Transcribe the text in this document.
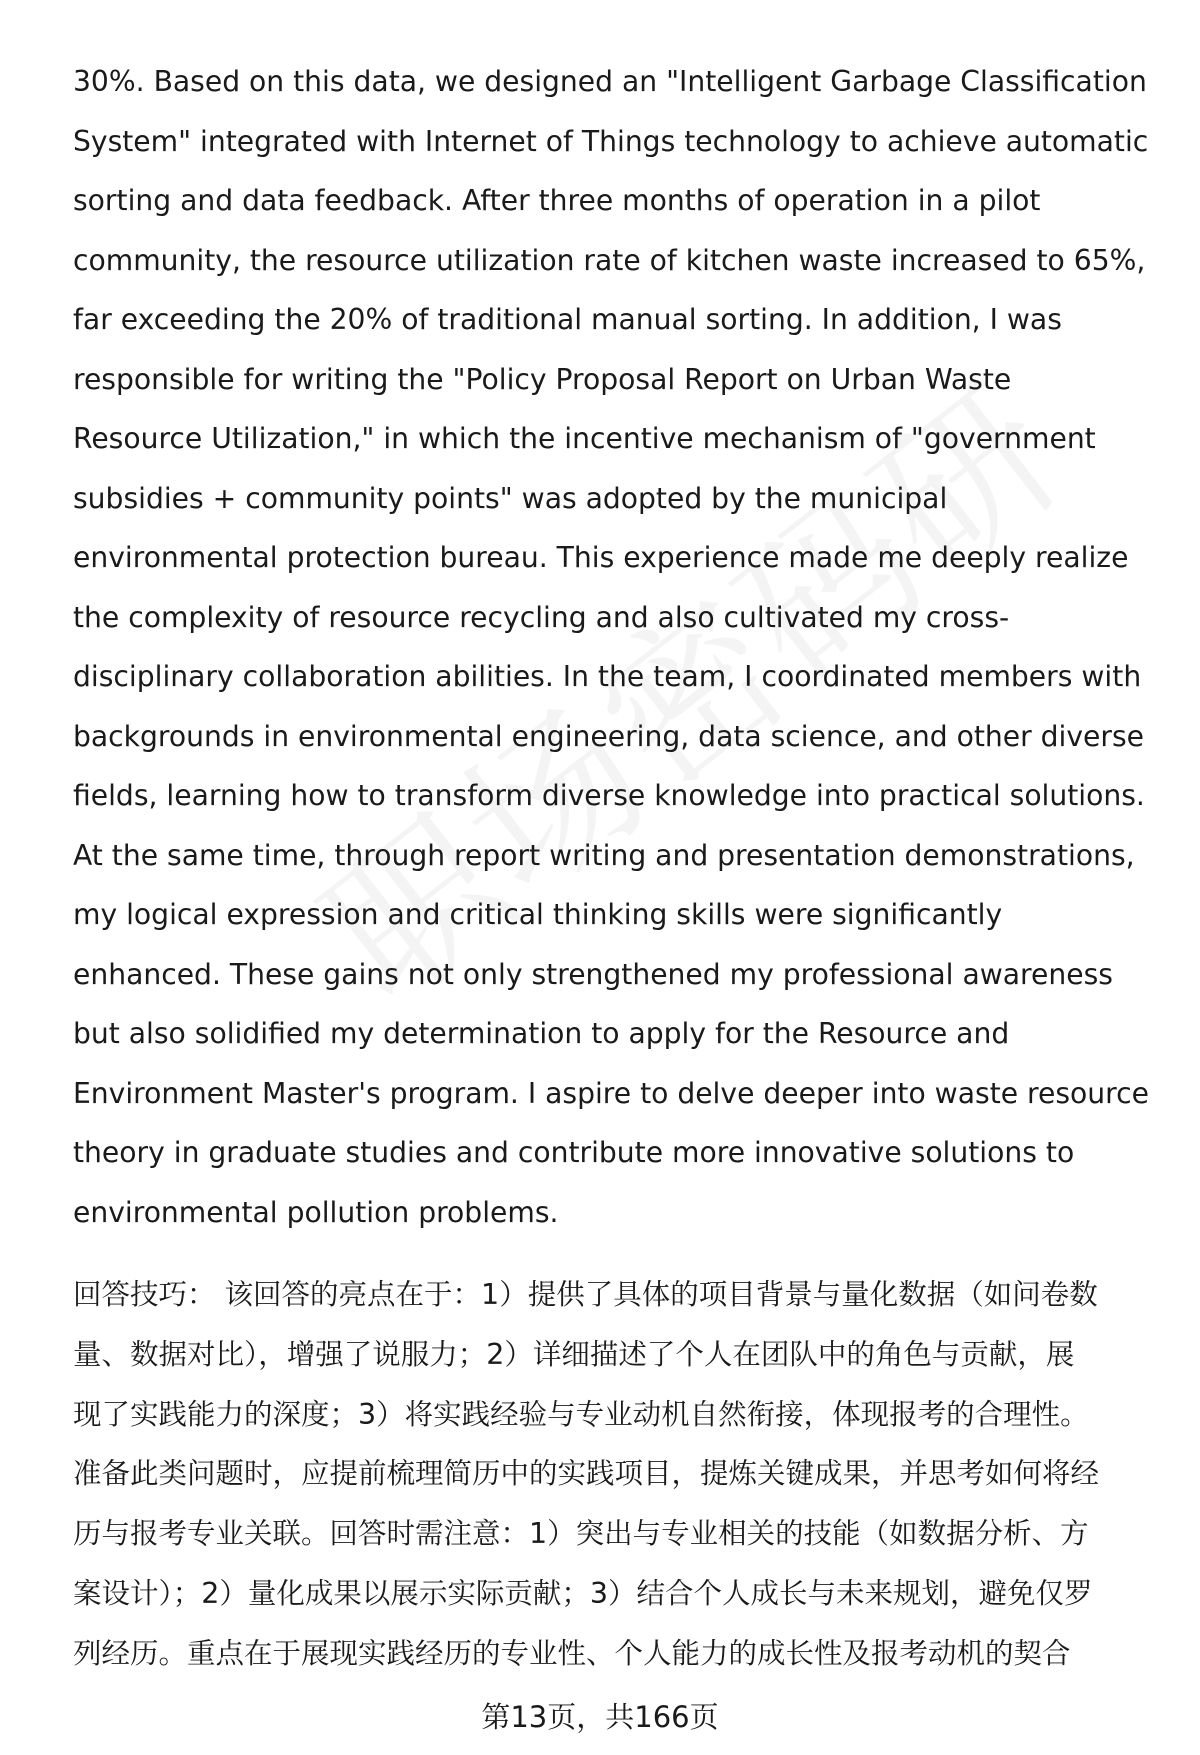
30%. Based on this data, we designed an "Intelligent Garbage Classification
System" integrated with Internet of Things technology to achieve automatic
sorting and data feedback. After three months of operation in a pilot
community, the resource utilization rate of kitchen waste increased to 65%,
far exceeding the 20% of traditional manual sorting. In addition, I was
responsible for writing the "Policy Proposal Report on Urban Waste
Resource Utilization," in which the incentive mechanism of "government
subsidies + community points" was adopted by the municipal
environmental protection bureau. This experience made me deeply realize
the complexity of resource recycling and also cultivated my cross-
disciplinary collaboration abilities. In the team, I coordinated members with
backgrounds in environmental engineering, data science, and other diverse
fields, learning how to transform diverse knowledge into practical solutions.
At the same time, through report writing and presentation demonstrations,
my logical expression and critical thinking skills were significantly
enhanced. These gains not only strengthened my professional awareness
but also solidified my determination to apply for the Resource and
Environment Master's program. I aspire to delve deeper into waste resource
theory in graduate studies and contribute more innovative solutions to
environmental pollution problems.
回答技巧： 该回答的亮点在于：1）提供了具体的项目背景与量化数据（如问卷数
量、数据对比），增强了说服力；2）详细描述了个人在团队中的角色与贡献，展
现了实践能力的深度；3）将实践经验与专业动机自然衔接，体现报考的合理性。
准备此类问题时，应提前梳理简历中的实践项目，提炼关键成果，并思考如何将经
历与报考专业关联。回答时需注意：1）突出与专业相关的技能（如数据分析、方
案设计）；2）量化成果以展示实际贡献；3）结合个人成长与未来规划，避免仅罗
列经历。重点在于展现实践经历的专业性、个人能力的成长性及报考动机的契合
第13页，共166页
